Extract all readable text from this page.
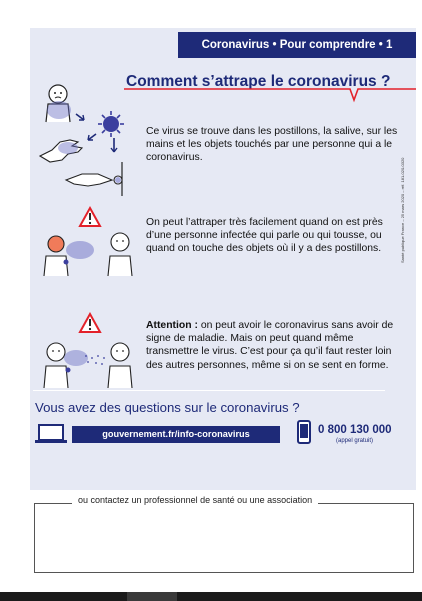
Coronavirus • Pour comprendre • 1
Comment s’attrape le coronavirus ?
Ce virus se trouve dans les postillons, la salive, sur les mains et les objets touchés par une personne qui a le coronavirus.
On peut l’attraper très facilement quand on est près d’une personne infectée qui parle ou qui tousse, ou quand on touche des objets où il y a des postillons.
Attention : on peut avoir le coronavirus sans avoir de signe de maladie. Mais on peut quand même transmettre le virus. C’est pour ça qu’il faut rester loin des autres personnes, même si on se sent en forme.
Santé publique France – 25 mars 2020 – réf. 181-020-0320
Vous avez des questions sur le coronavirus ?
gouvernement.fr/info-coronavirus	0 800 130 000
(appel gratuit)
ou contactez un professionnel de santé ou une association
